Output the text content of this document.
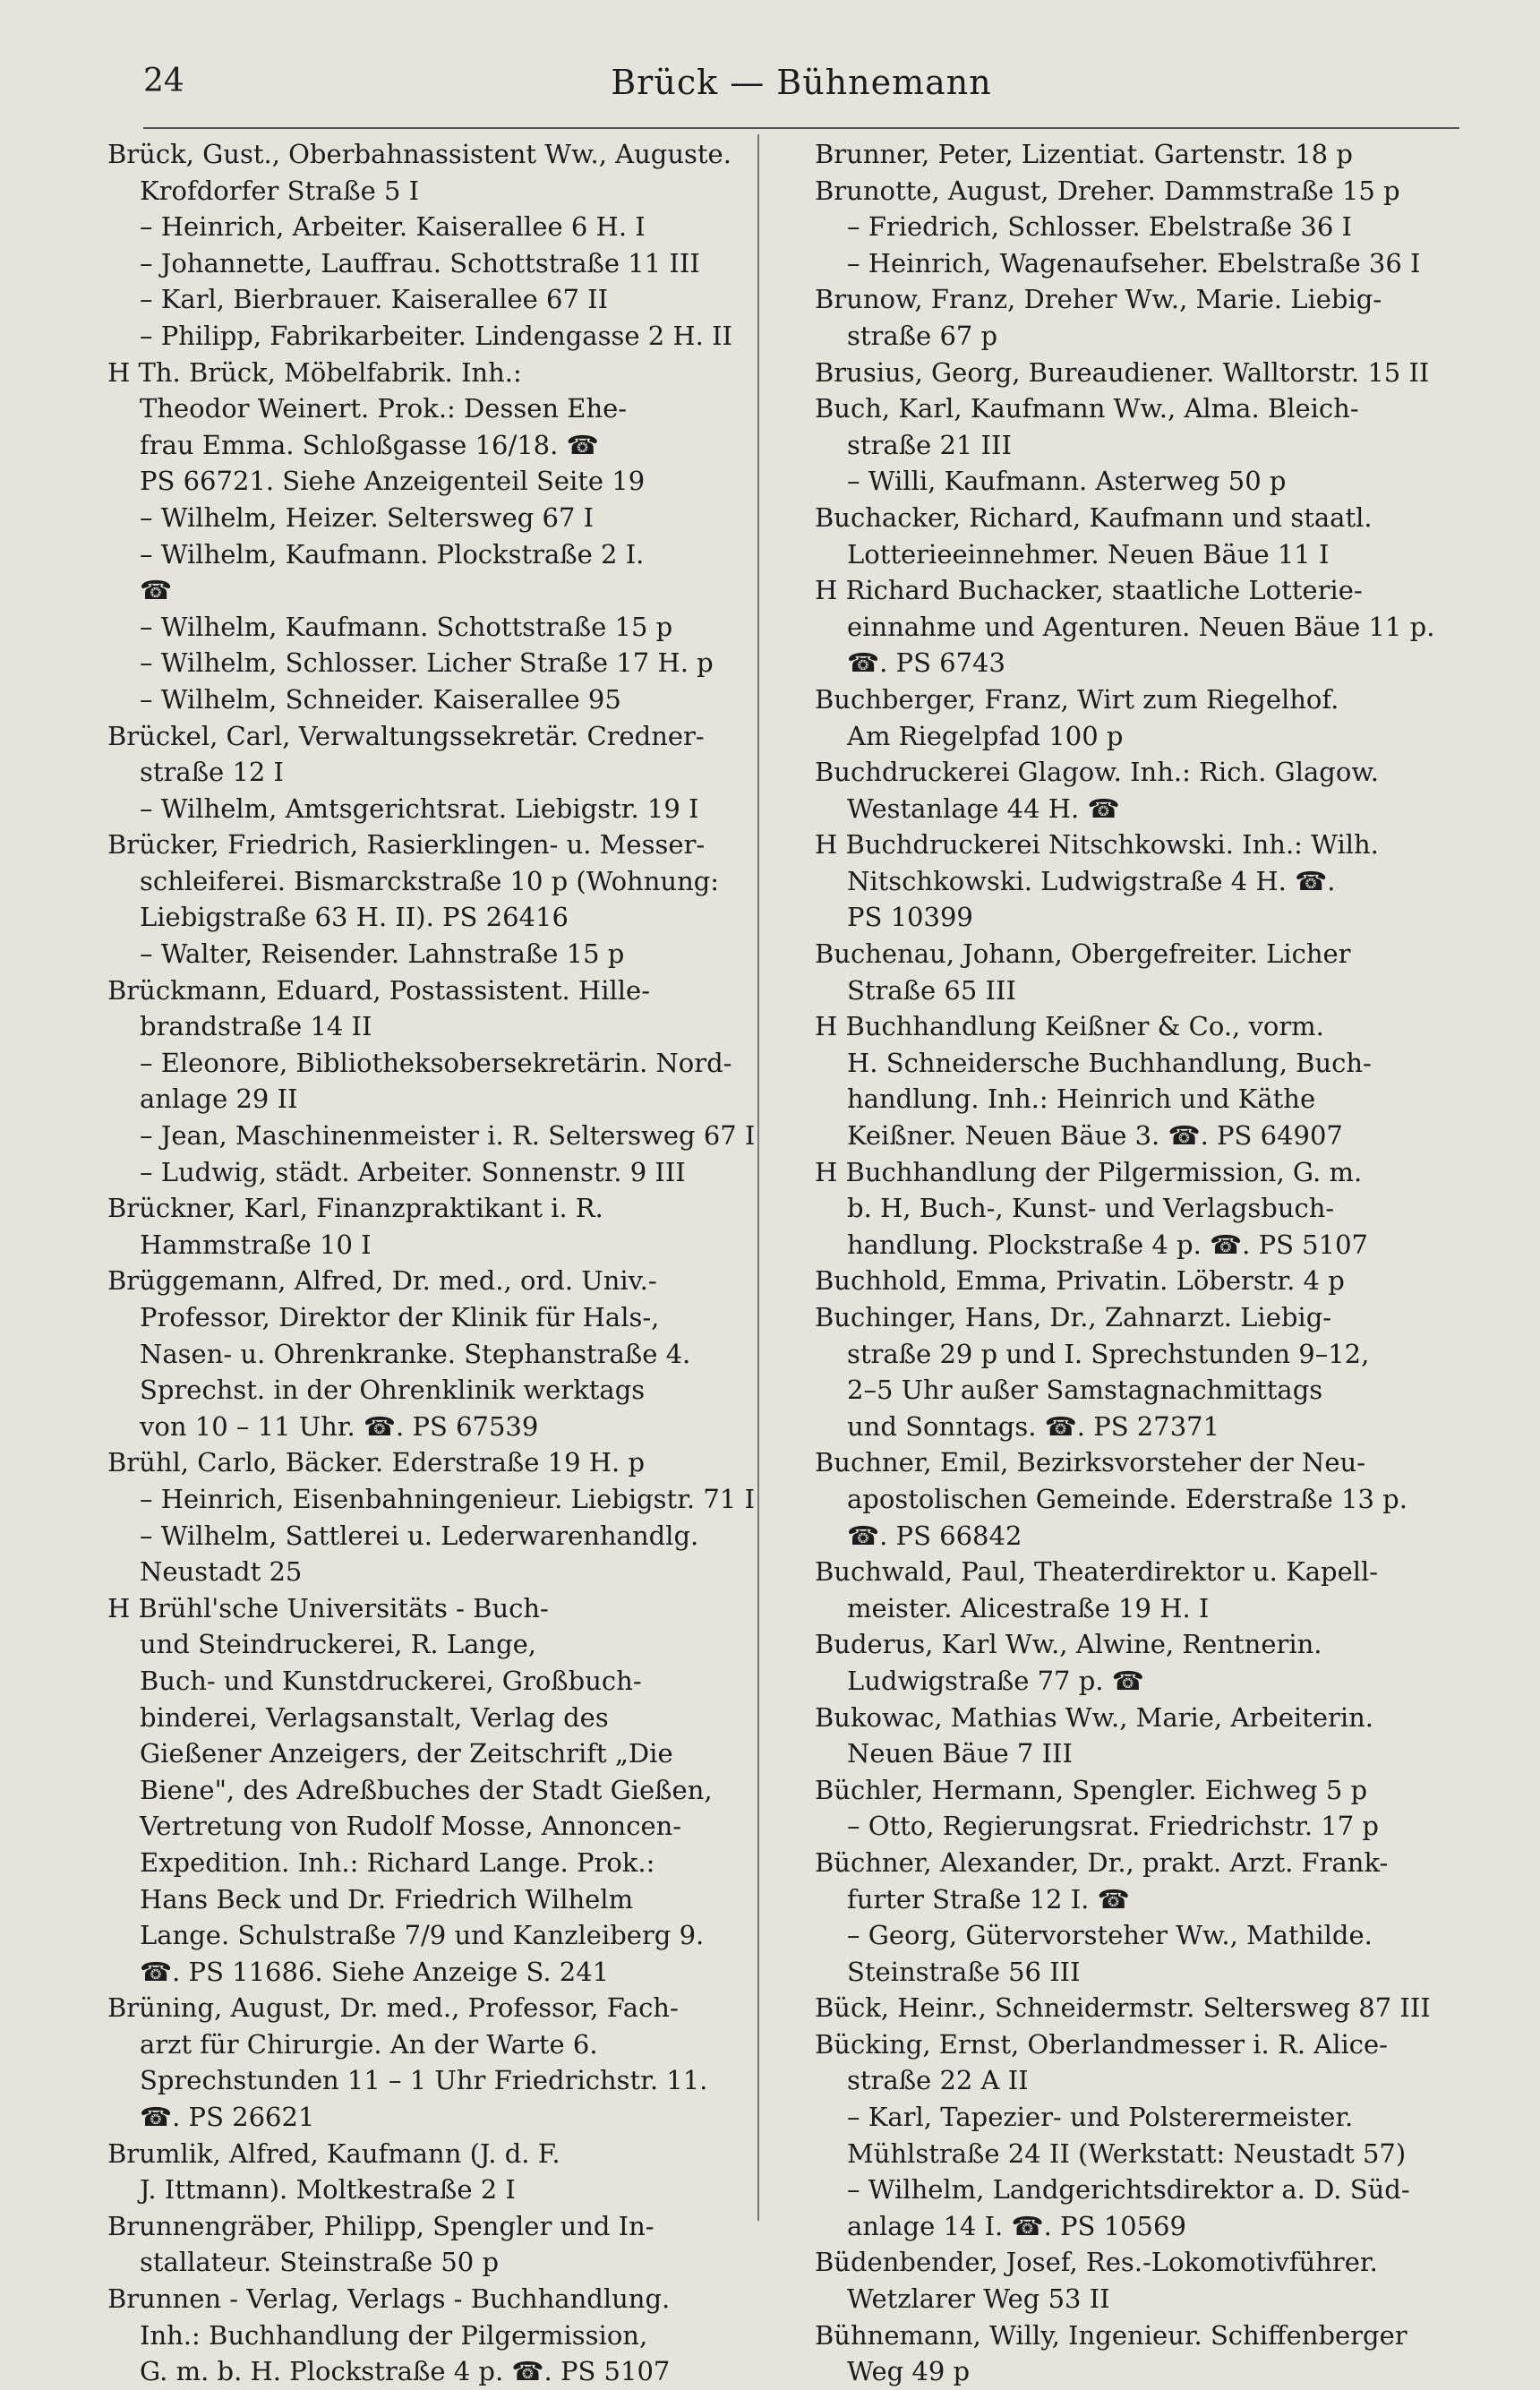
24	Brück — Bühnemann
Brück, Gust., Oberbahnassistent Ww., Auguste.
Krofdorfer Straße 5 I
– Heinrich, Arbeiter. Kaiserallee 6 H. I
– Johannette, Lauffrau. Schottstraße 11 III
– Karl, Bierbrauer. Kaiserallee 67 II
– Philipp, Fabrikarbeiter. Lindengasse 2 H. II
H Th. Brück, Möbelfabrik. Inh.:
Theodor Weinert. Prok.: Dessen Ehe-
frau Emma. Schloßgasse 16/18. ☎
PS 66721. Siehe Anzeigenteil Seite 19
– Wilhelm, Heizer. Seltersweg 67 I
– Wilhelm, Kaufmann. Plockstraße 2 I.
☎
– Wilhelm, Kaufmann. Schottstraße 15 p
– Wilhelm, Schlosser. Licher Straße 17 H. p
– Wilhelm, Schneider. Kaiserallee 95
Brückel, Carl, Verwaltungssekretär. Credner-
straße 12 I
– Wilhelm, Amtsgerichtsrat. Liebigstr. 19 I
Brücker, Friedrich, Rasierklingen- u. Messer-
schleiferei. Bismarckstraße 10 p (Wohnung:
Liebigstraße 63 H. II). PS 26416
– Walter, Reisender. Lahnstraße 15 p
Brückmann, Eduard, Postassistent. Hille-
brandstraße 14 II
– Eleonore, Bibliotheksobersekretärin. Nord-
anlage 29 II
– Jean, Maschinenmeister i. R. Seltersweg 67 I
– Ludwig, städt. Arbeiter. Sonnenstr. 9 III
Brückner, Karl, Finanzpraktikant i. R.
Hammstraße 10 I
Brüggemann, Alfred, Dr. med., ord. Univ.-
Professor, Direktor der Klinik für Hals-,
Nasen- u. Ohrenkranke. Stephanstraße 4.
Sprechst. in der Ohrenklinik werktags
von 10 – 11 Uhr. ☎. PS 67539
Brühl, Carlo, Bäcker. Ederstraße 19 H. p
– Heinrich, Eisenbahningenieur. Liebigstr. 71 I
– Wilhelm, Sattlerei u. Lederwarenhandlg.
Neustadt 25
H Brühl'sche Universitäts - Buch-
und Steindruckerei, R. Lange,
Buch- und Kunstdruckerei, Großbuch-
binderei, Verlagsanstalt, Verlag des
Gießener Anzeigers, der Zeitschrift „Die
Biene", des Adreßbuches der Stadt Gießen,
Vertretung von Rudolf Mosse, Annoncen-
Expedition. Inh.: Richard Lange. Prok.:
Hans Beck und Dr. Friedrich Wilhelm
Lange. Schulstraße 7/9 und Kanzleiberg 9.
☎. PS 11686. Siehe Anzeige S. 241
Brüning, August, Dr. med., Professor, Fach-
arzt für Chirurgie. An der Warte 6.
Sprechstunden 11 – 1 Uhr Friedrichstr. 11.
☎. PS 26621
Brumlik, Alfred, Kaufmann (J. d. F.
J. Ittmann). Moltkestraße 2 I
Brunnengräber, Philipp, Spengler und In-
stallateur. Steinstraße 50 p
Brunnen - Verlag, Verlags - Buchhandlung.
Inh.: Buchhandlung der Pilgermission,
G. m. b. H. Plockstraße 4 p. ☎. PS 5107
Brunner, Peter, Lizentiat. Gartenstr. 18 p
Brunotte, August, Dreher. Dammstraße 15 p
– Friedrich, Schlosser. Ebelstraße 36 I
– Heinrich, Wagenaufseher. Ebelstraße 36 I
Brunow, Franz, Dreher Ww., Marie. Liebig-
straße 67 p
Brusius, Georg, Bureaudiener. Walltorstr. 15 II
Buch, Karl, Kaufmann Ww., Alma. Bleich-
straße 21 III
– Willi, Kaufmann. Asterweg 50 p
Buchacker, Richard, Kaufmann und staatl.
Lotterieeinnehmer. Neuen Bäue 11 I
H Richard Buchacker, staatliche Lotterie-
einnahme und Agenturen. Neuen Bäue 11 p.
☎. PS 6743
Buchberger, Franz, Wirt zum Riegelhof.
Am Riegelpfad 100 p
Buchdruckerei Glagow. Inh.: Rich. Glagow.
Westanlage 44 H. ☎
H Buchdruckerei Nitschkowski. Inh.: Wilh.
Nitschkowski. Ludwigstraße 4 H. ☎.
PS 10399
Buchenau, Johann, Obergefreiter. Licher
Straße 65 III
H Buchhandlung Keißner & Co., vorm.
H. Schneidersche Buchhandlung, Buch-
handlung. Inh.: Heinrich und Käthe
Keißner. Neuen Bäue 3. ☎. PS 64907
H Buchhandlung der Pilgermission, G. m.
b. H, Buch-, Kunst- und Verlagsbuch-
handlung. Plockstraße 4 p. ☎. PS 5107
Buchhold, Emma, Privatin. Löberstr. 4 p
Buchinger, Hans, Dr., Zahnarzt. Liebig-
straße 29 p und I. Sprechstunden 9–12,
2–5 Uhr außer Samstagnachmittags
und Sonntags. ☎. PS 27371
Buchner, Emil, Bezirksvorsteher der Neu-
apostolischen Gemeinde. Ederstraße 13 p.
☎. PS 66842
Buchwald, Paul, Theaterdirektor u. Kapell-
meister. Alicestraße 19 H. I
Buderus, Karl Ww., Alwine, Rentnerin.
Ludwigstraße 77 p. ☎
Bukowac, Mathias Ww., Marie, Arbeiterin.
Neuen Bäue 7 III
Büchler, Hermann, Spengler. Eichweg 5 p
– Otto, Regierungsrat. Friedrichstr. 17 p
Büchner, Alexander, Dr., prakt. Arzt. Frank-
furter Straße 12 I. ☎
– Georg, Gütervorsteher Ww., Mathilde.
Steinstraße 56 III
Bück, Heinr., Schneidermstr. Seltersweg 87 III
Bücking, Ernst, Oberlandmesser i. R. Alice-
straße 22 A II
– Karl, Tapezier- und Polsterermeister.
Mühlstraße 24 II (Werkstatt: Neustadt 57)
– Wilhelm, Landgerichtsdirektor a. D. Süd-
anlage 14 I. ☎. PS 10569
Büdenbender, Josef, Res.-Lokomotivführer.
Wetzlarer Weg 53 II
Bühnemann, Willy, Ingenieur. Schiffenberger
Weg 49 p
